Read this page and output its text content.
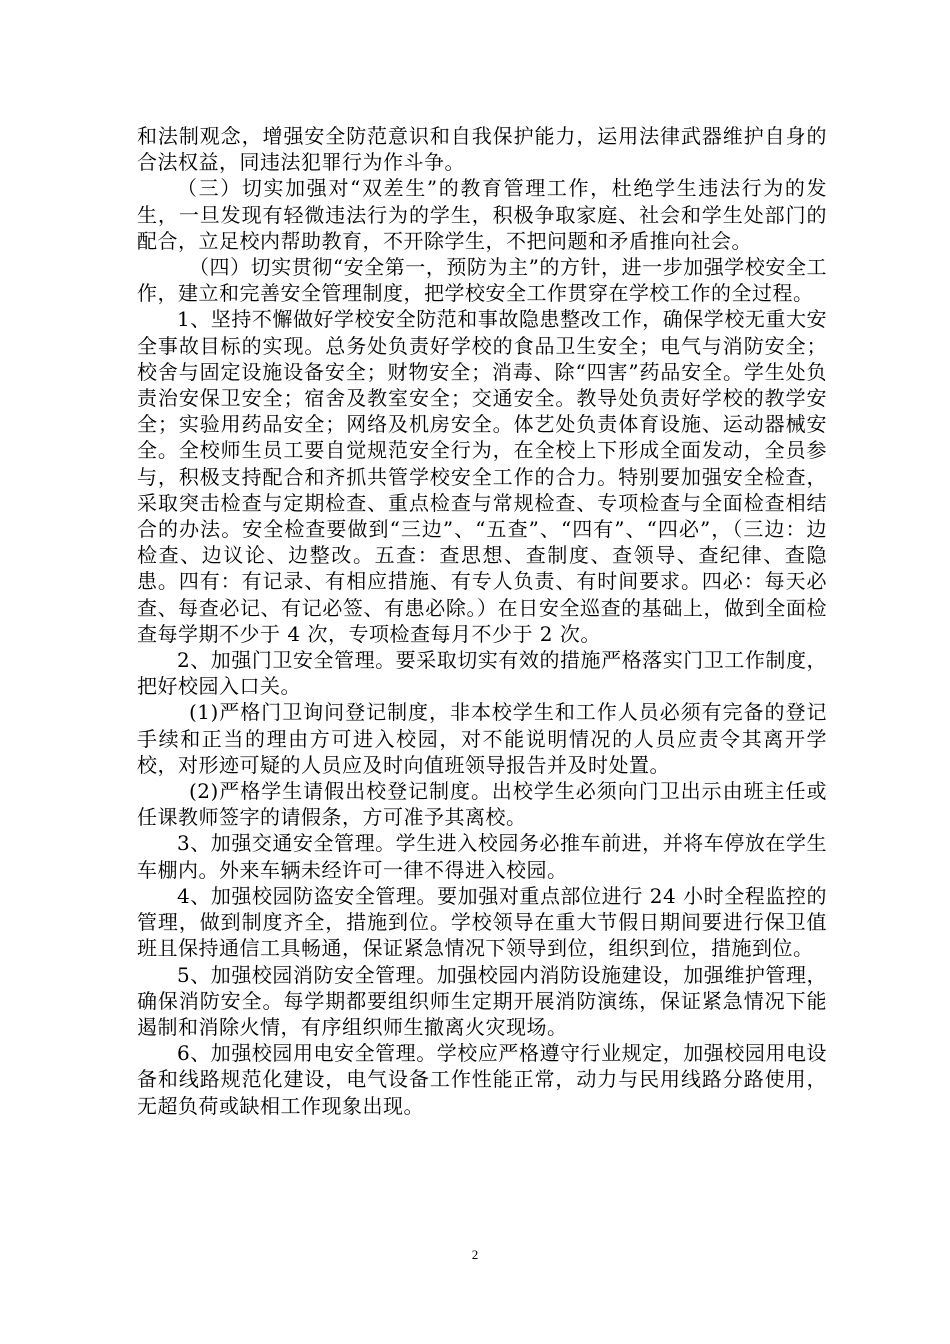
和法制观念，增强安全防范意识和自我保护能力，运用法律武器维护自身的合法权益，同违法犯罪行为作斗争。

（三）切实加强对“双差生”的教育管理工作，杜绝学生违法行为的发生，一旦发现有轻微违法行为的学生，积极争取家庭、社会和学生处部门的配合，立足校内帮助教育，不开除学生，不把问题和矛盾推向社会。

（四）切实贯彻“安全第一，预防为主”的方针，进一步加强学校安全工作，建立和完善安全管理制度，把学校安全工作贯穿在学校工作的全过程。

1、坚持不懈做好学校安全防范和事故隐患整改工作，确保学校无重大安全事故目标的实现。总务处负责好学校的食品卫生安全；电气与消防安全；校舍与固定设施设备安全；财物安全；消毒、除“四害”药品安全。学生处负责治安保卫安全；宿舍及教室安全；交通安全。教导处负责好学校的教学安全；实验用药品安全；网络及机房安全。体艺处负责体育设施、运动器械安全。全校师生员工要自觉规范安全行为，在全校上下形成全面发动，全员参与，积极支持配合和齐抓共管学校安全工作的合力。特别要加强安全检查，采取突击检查与定期检查、重点检查与常规检查、专项检查与全面检查相结合的办法。安全检查要做到“三边”、“五查”、“四有”、“四必”，（三边：边检查、边议论、边整改。五查：查思想、查制度、查领导、查纪律、查隐患。四有：有记录、有相应措施、有专人负责、有时间要求。四必：每天必查、每查必记、有记必签、有患必除。）在日安全巡查的基础上，做到全面检查每学期不少于 4 次，专项检查每月不少于 2 次。

2、加强门卫安全管理。要采取切实有效的措施严格落实门卫工作制度，把好校园入口关。

(1)严格门卫询问登记制度，非本校学生和工作人员必须有完备的登记手续和正当的理由方可进入校园，对不能说明情况的人员应责令其离开学校，对形迹可疑的人员应及时向值班领导报告并及时处置。

(2)严格学生请假出校登记制度。出校学生必须向门卫出示由班主任或任课教师签字的请假条，方可准予其离校。

3、加强交通安全管理。学生进入校园务必推车前进，并将车停放在学生车棚内。外来车辆未经许可一律不得进入校园。

4、加强校园防盗安全管理。要加强对重点部位进行 24 小时全程监控的管理，做到制度齐全，措施到位。学校领导在重大节假日期间要进行保卫值班且保持通信工具畅通，保证紧急情况下领导到位，组织到位，措施到位。

5、加强校园消防安全管理。加强校园内消防设施建设，加强维护管理，确保消防安全。每学期都要组织师生定期开展消防演练，保证紧急情况下能遏制和消除火情，有序组织师生撤离火灾现场。

6、加强校园用电安全管理。学校应严格遵守行业规定，加强校园用电设备和线路规范化建设，电气设备工作性能正常，动力与民用线路分路使用，无超负荷或缺相工作现象出现。

2
